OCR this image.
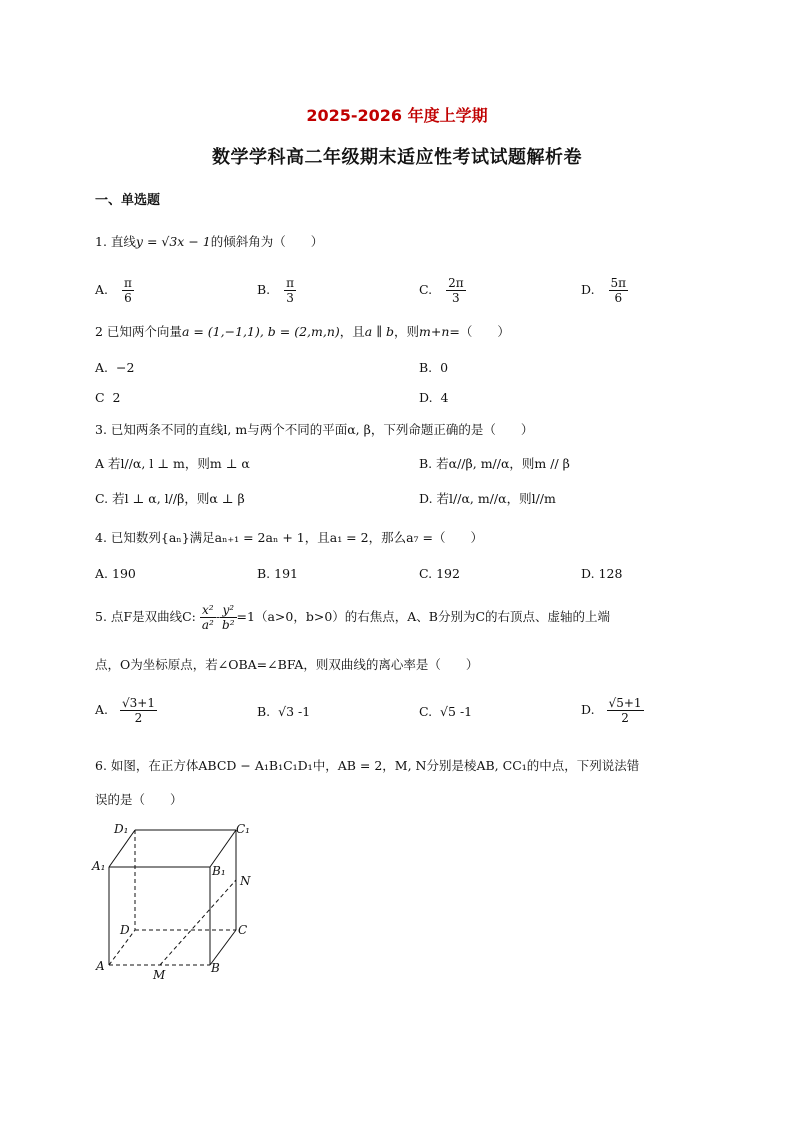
2025-2026 年度上学期
数学学科高二年级期末适应性考试试题解析卷
一、单选题
1. 直线y = √3x − 1的倾斜角为（　　）
A. $\frac{\pi}{6}$	B. $\frac{\pi}{3}$	C. $\frac{2\pi}{3}$	D. $\frac{5\pi}{6}$
2 已知两个向量a = (1,−1,1), b = (2,m,n)，且a ∥ b，则m+n=（　　）
A. −2	B. 0
C 2	D. 4
3. 已知两条不同的直线l, m与两个不同的平面α, β，下列命题正确的是（　　）
A 若l//α, l ⊥ m，则m ⊥ α	B. 若α//β, m//α，则m // β
C. 若l ⊥ α, l//β，则α ⊥ β	D. 若l//α, m//α，则l//m
4. 已知数列{aₙ}满足aₙ₊₁ = 2aₙ + 1，且a₁ = 2，那么a₇ =（　　）
A. 190	B. 191	C. 192	D. 128
5. 点F是双曲线C: $\frac{\text{x²}}{\text{a²}} - \frac{\text{y²}}{\text{b²}} =1(a>0$，b>0）的右焦点，A、B分别为C的右顶点、虚轴的上端
点，O为坐标原点，若∠OBA=∠BFA，则双曲线的离心率是（　　）
A. $\frac{√3+1}{2}$	B. √3 -1	C. √5 -1	D. $\frac{√5+1}{2}$
6. 如图，在正方体ABCD − A₁B₁C₁D₁中，AB = 2，M, N分别是棱AB, CC₁的中点，下列说法错
误的是（　　）
D₁	C₁
A₁	B₁
N
D	C
A	B
M
